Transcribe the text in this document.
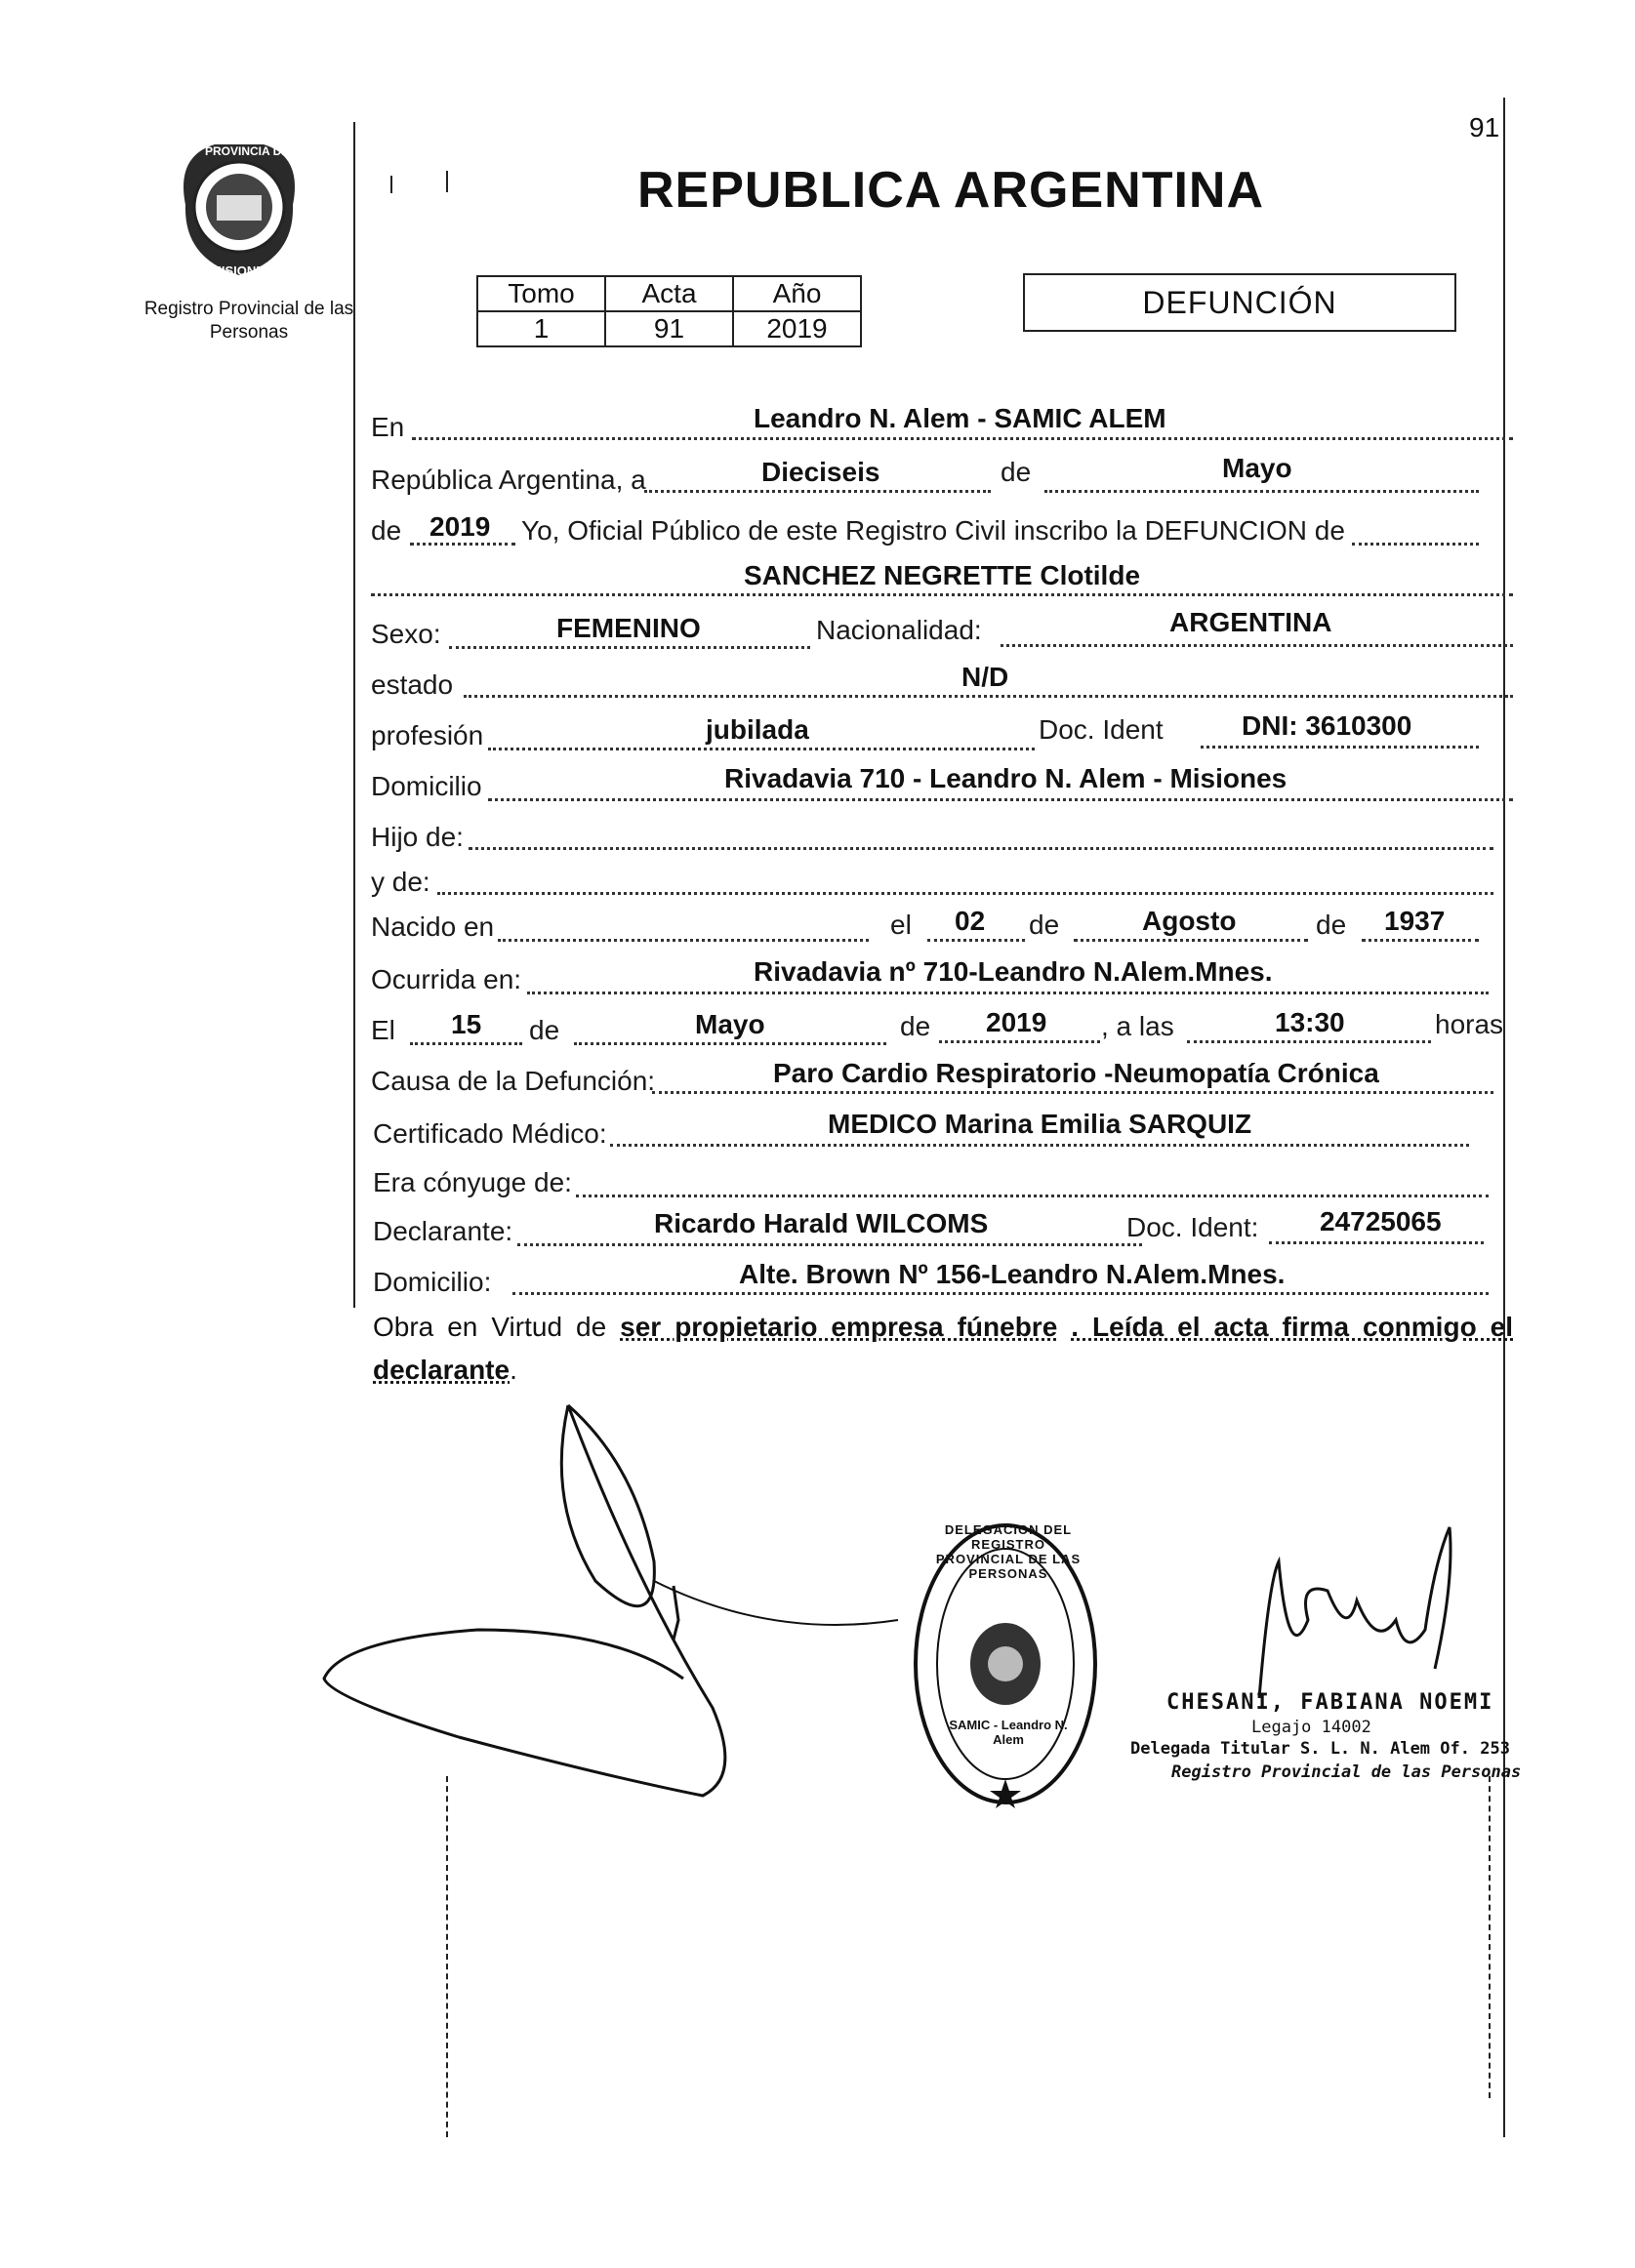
91
PROVINCIA DE
MISIONES
Registro Provincial de las Personas
REPUBLICA ARGENTINA
Tomo	Acta	Año
1	91	2019
DEFUNCIÓN
En	Leandro N. Alem - SAMIC ALEM
República Argentina, a	Dieciseis	de	Mayo
de 2019 Yo, Oficial Público de este Registro Civil inscribo la DEFUNCION de
SANCHEZ NEGRETTE Clotilde
Sexo:	FEMENINO	Nacionalidad:	ARGENTINA
estado	N/D
profesión	jubilada	Doc. Ident	DNI: 3610300
Domicilio	Rivadavia 710 - Leandro N. Alem - Misiones
Hijo de:
y de:
Nacido en	el 02 de	Agosto	de 1937
Ocurrida en:	Rivadavia nº 710-Leandro N.Alem.Mnes.
El 15 de	Mayo	de 2019 , a las	13:30	horas
Causa de la Defunción:	Paro Cardio Respiratorio -Neumopatía Crónica
Certificado Médico:	MEDICO Marina Emilia SARQUIZ
Era cónyuge de:
Declarante:	Ricardo Harald WILCOMS	Doc. Ident: 24725065
Domicilio:	Alte. Brown Nº 156-Leandro N.Alem.Mnes.
Obra en Virtud de ser propietario empresa fúnebre . Leída el acta firma conmigo el declarante.
DELEGACION DEL REGISTRO PROVINCIAL DE LAS PERSONAS
SAMIC - Leandro N. Alem
CHESANI, FABIANA NOEMI
Legajo 14002
Delegada Titular S. L. N. Alem Of. 253
Registro Provincial de las Personas
